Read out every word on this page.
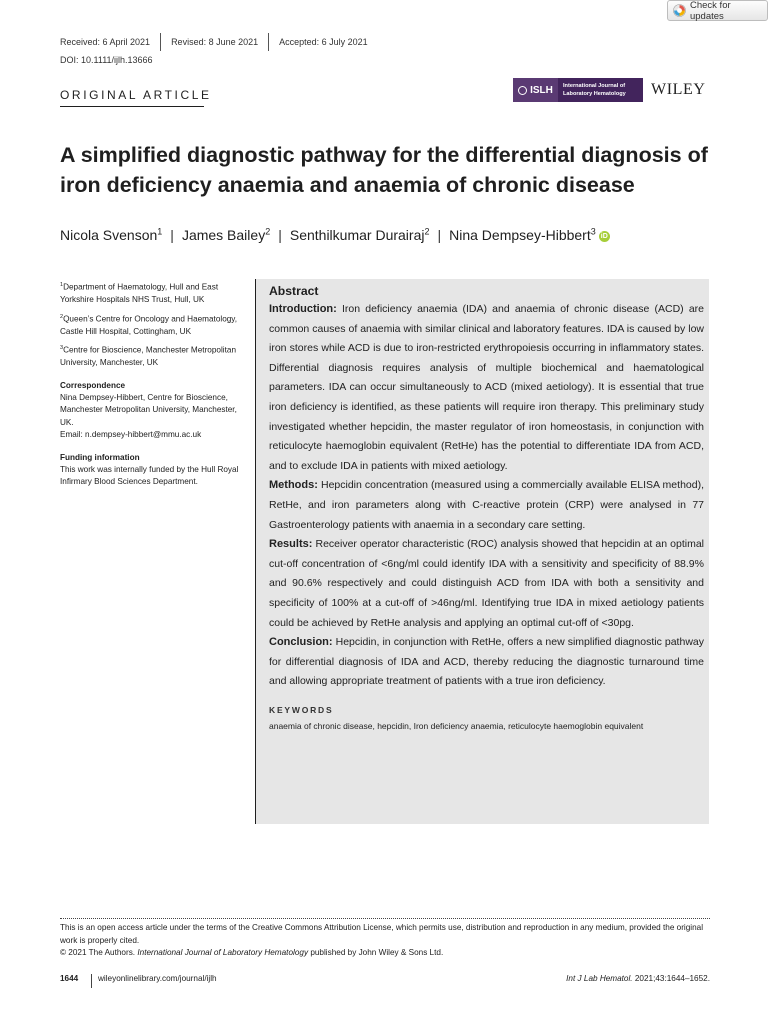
Check for updates
Received: 6 April 2021	Revised: 8 June 2021	Accepted: 6 July 2021
DOI: 10.1111/ijlh.13666
ORIGINAL ARTICLE	ISLH International Journal of
Laboratory Hematology	WILEY
A simplified diagnostic pathway for the differential diagnosis of iron deficiency anaemia and anaemia of chronic disease
Nicola Svenson$^1$ | James Bailey$^2$ | Senthilkumar Durairaj$^2$ | Nina Dempsey-Hibbert$^3$iD
$^1$Department of Haematology, Hull and East Yorkshire Hospitals NHS Trust, Hull, UK
$^2$Queen’s Centre for Oncology and Haematology, Castle Hill Hospital, Cottingham, UK
$^3$Centre for Bioscience, Manchester Metropolitan University, Manchester, UK
Correspondence
Nina Dempsey-Hibbert, Centre for Bioscience, Manchester Metropolitan University, Manchester, UK.
Email: n.dempsey-hibbert@mmu.ac.uk
Funding information
This work was internally funded by the Hull Royal Infirmary Blood Sciences Department.
Abstract
Introduction: Iron deficiency anaemia (IDA) and anaemia of chronic disease (ACD) are common causes of anaemia with similar clinical and laboratory features. IDA is caused by low iron stores while ACD is due to iron-restricted erythropoiesis occurring in inflammatory states. Differential diagnosis requires analysis of multiple biochemical and haematological parameters. IDA can occur simultaneously to ACD (mixed aetiology). It is essential that true iron deficiency is identified, as these patients will require iron therapy. This preliminary study investigated whether hepcidin, the master regulator of iron homeostasis, in conjunction with reticulocyte haemoglobin equivalent (RetHe) has the potential to differentiate IDA from ACD, and to exclude IDA in patients with mixed aetiology.
Methods: Hepcidin concentration (measured using a commercially available ELISA method), RetHe, and iron parameters along with C-reactive protein (CRP) were analysed in 77 Gastroenterology patients with anaemia in a secondary care setting.
Results: Receiver operator characteristic (ROC) analysis showed that hepcidin at an optimal cut-off concentration of <6ng/ml could identify IDA with a sensitivity and specificity of 88.9% and 90.6% respectively and could distinguish ACD from IDA with both a sensitivity and specificity of 100% at a cut-off of >46ng/ml. Identifying true IDA in mixed aetiology patients could be achieved by RetHe analysis and applying an optimal cut-off of <30pg.
Conclusion: Hepcidin, in conjunction with RetHe, offers a new simplified diagnostic pathway for differential diagnosis of IDA and ACD, thereby reducing the diagnostic turnaround time and allowing appropriate treatment of patients with a true iron deficiency.
KEYWORDS
anaemia of chronic disease, hepcidin, Iron deficiency anaemia, reticulocyte haemoglobin equivalent
This is an open access article under the terms of the Creative Commons Attribution License, which permits use, distribution and reproduction in any medium, provided the original work is properly cited.
© 2021 The Authors. International Journal of Laboratory Hematology published by John Wiley & Sons Ltd.
1644 wileyonlinelibrary.com/journal/ijlh	Int J Lab Hematol. 2021;43:1644–1652.
